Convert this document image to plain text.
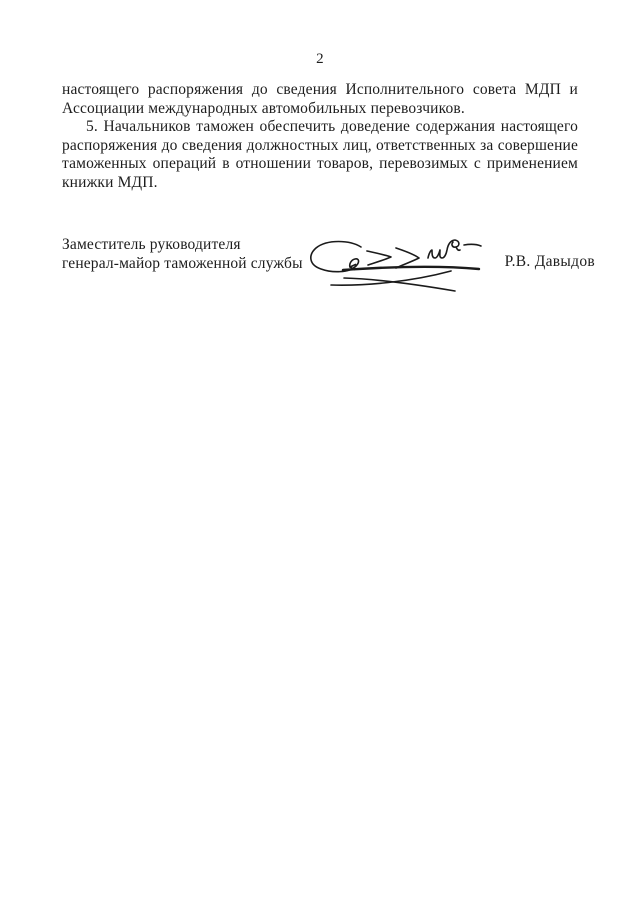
2
настоящего распоряжения до сведения Исполнительного совета МДП и
Ассоциации международных автомобильных перевозчиков.
5. Начальников таможен обеспечить доведение содержания настоящего
распоряжения до сведения должностных лиц, ответственных за совершение
таможенных операций в отношении товаров, перевозимых с применением
книжки МДП.
Заместитель руководителя
генерал-майор таможенной службы	Р.В. Давыдов
